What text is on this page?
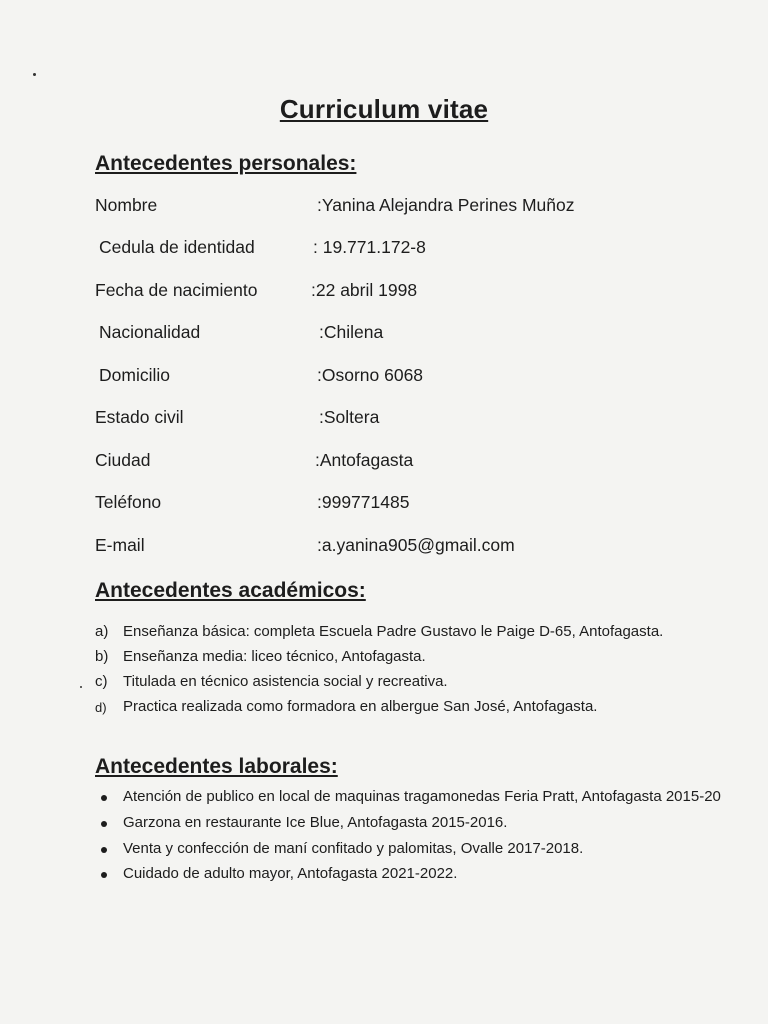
Curriculum vitae
Antecedentes personales:
Nombre	:Yanina Alejandra Perines Muñoz
Cedula de identidad	: 19.771.172-8
Fecha de nacimiento	:22 abril 1998
Nacionalidad	:Chilena
Domicilio	:Osorno 6068
Estado civil	:Soltera
Ciudad	:Antofagasta
Teléfono	:999771485
E-mail	:a.yanina905@gmail.com
Antecedentes académicos:
a) Enseñanza básica: completa Escuela Padre Gustavo le Paige D-65, Antofagasta.
b) Enseñanza media: liceo técnico, Antofagasta.
c) Titulada en técnico asistencia social y recreativa.
d) Practica realizada como formadora en albergue San José, Antofagasta.
Antecedentes laborales:
Atención de publico en local de maquinas tragamonedas Feria Pratt, Antofagasta 2015-20
Garzona en restaurante Ice Blue, Antofagasta 2015-2016.
Venta y confección de maní confitado y palomitas, Ovalle 2017-2018.
Cuidado de adulto mayor, Antofagasta 2021-2022.
